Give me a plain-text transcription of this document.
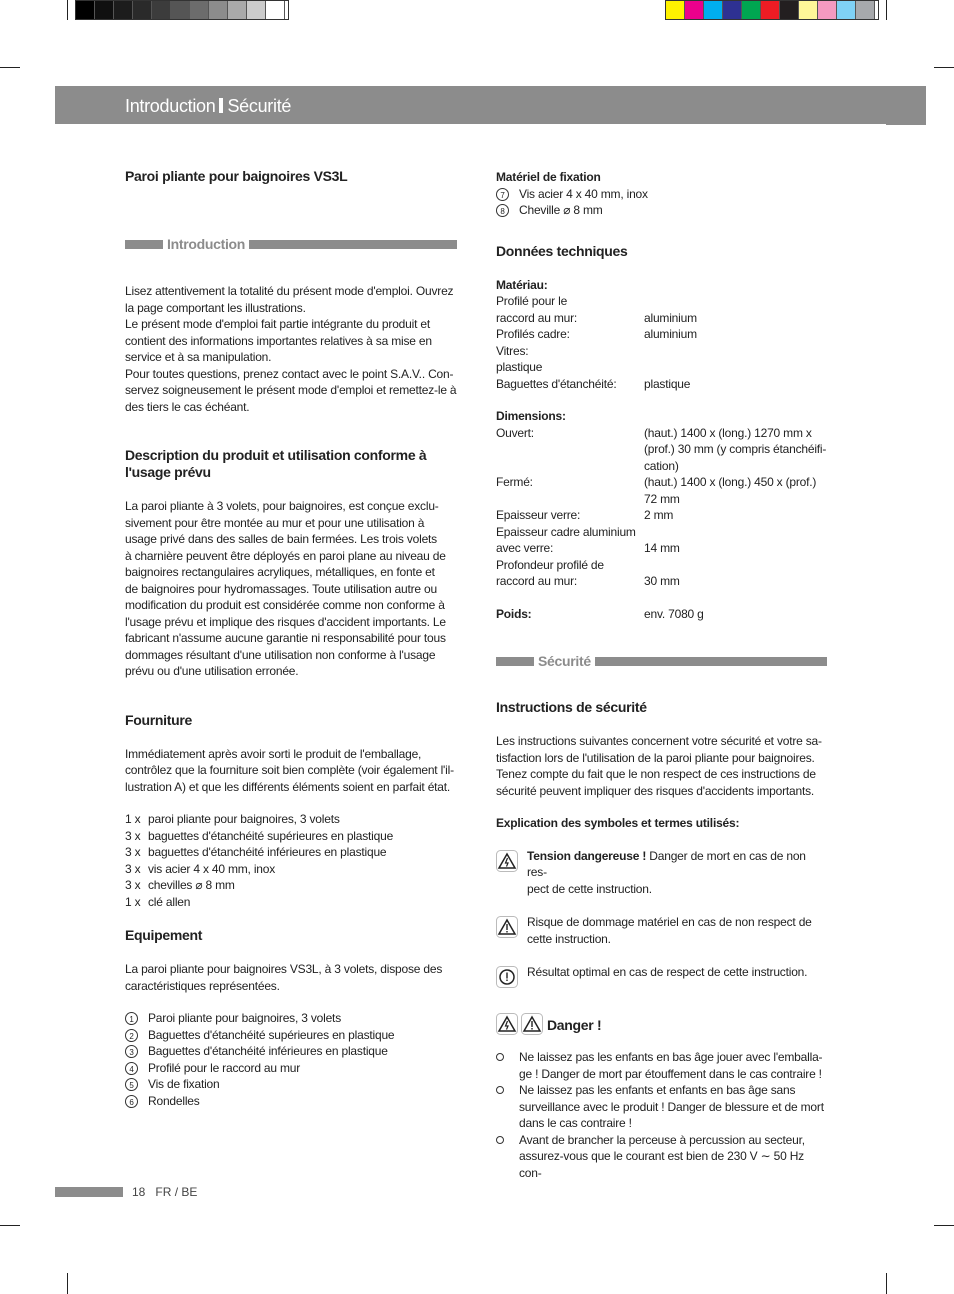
Introduction Sécurité
Paroi pliante pour baignoires VS3L
Introduction
Lisez attentivement la totalité du présent mode d'emploi. Ouvrez
la page comportant les illustrations.
Le présent mode d'emploi fait partie intégrante du produit et
contient des informations importantes relatives à sa mise en
service et à sa manipulation.
Pour toutes questions, prenez contact avec le point S.A.V.. Con-
servez soigneusement le présent mode d'emploi et remettez-le à
des tiers le cas échéant.
Description du produit et utilisation conforme à
l'usage prévu
La paroi pliante à 3 volets, pour baignoires, est conçue exclu-
sivement pour être montée au mur et pour une utilisation à
usage privé dans des salles de bain fermées. Les trois volets
à charnière peuvent être déployés en paroi plane au niveau de
baignoires rectangulaires acryliques, métalliques, en fonte et
de baignoires pour hydromassages. Toute utilisation autre ou
modification du produit est considérée comme non conforme à
l'usage prévu et implique des risques d'accident importants. Le
fabricant n'assume aucune garantie ni responsabilité pour tous
dommages résultant d'une utilisation non conforme à l'usage
prévu ou d'une utilisation erronée.
Fourniture
Immédiatement après avoir sorti le produit de l'emballage,
contrôlez que la fourniture soit bien complète (voir également l'il-
lustration A) et que les différents éléments soient en parfait état.
1 x paroi pliante pour baignoires, 3 volets
3 x baguettes d'étanchéité supérieures en plastique
3 x baguettes d'étanchéité inférieures en plastique
3 x vis acier 4 x 40 mm, inox
3 x chevilles ⌀ 8 mm
1 x clé allen
Equipement
La paroi pliante pour baignoires VS3L, à 3 volets, dispose des
caractéristiques représentées.
1	Paroi pliante pour baignoires, 3 volets
2	Baguettes d'étanchéité supérieures en plastique
3	Baguettes d'étanchéité inférieures en plastique
4	Profilé pour le raccord au mur
5	Vis de fixation
6	Rondelles
Matériel de fixation
7	Vis acier 4 x 40 mm, inox
8	Cheville ⌀ 8 mm
Données techniques
Matériau:
Profilé pour le
raccord au mur:	aluminium
Profilés cadre:	aluminium
Vitres:
plastique
Baguettes d'étanchéité:	plastique
Dimensions:
Ouvert:	(haut.) 1400 x (long.) 1270 mm x

(prof.) 30 mm (y compris étanchéifi-

cation)
Fermé:	(haut.) 1400 x (long.) 450 x (prof.)

72 mm
Epaisseur verre:	2 mm
Epaisseur cadre aluminium
avec verre:	14 mm
Profondeur profilé de
raccord au mur:	30 mm
Poids:	env. 7080 g
Sécurité
Instructions de sécurité
Les instructions suivantes concernent votre sécurité et votre sa-
tisfaction lors de l'utilisation de la paroi pliante pour baignoires.
Tenez compte du fait que le non respect de ces instructions de
sécurité peuvent impliquer des risques d'accidents importants.
Explication des symboles et termes utilisés:
Tension dangereuse ! Danger de mort en cas de non res-
pect de cette instruction.
Risque de dommage matériel en cas de non respect de
cette instruction.
Résultat optimal en cas de respect de cette instruction.
Danger !
Ne laissez pas les enfants en bas âge jouer avec l'emballa-
ge ! Danger de mort par étouffement dans le cas contraire !
Ne laissez pas les enfants et enfants en bas âge sans
surveillance avec le produit ! Danger de blessure et de mort
dans le cas contraire !
Avant de brancher la perceuse à percussion au secteur,
assurez-vous que le courant est bien de 230 V ∼ 50 Hz con-
18 FR / BE
